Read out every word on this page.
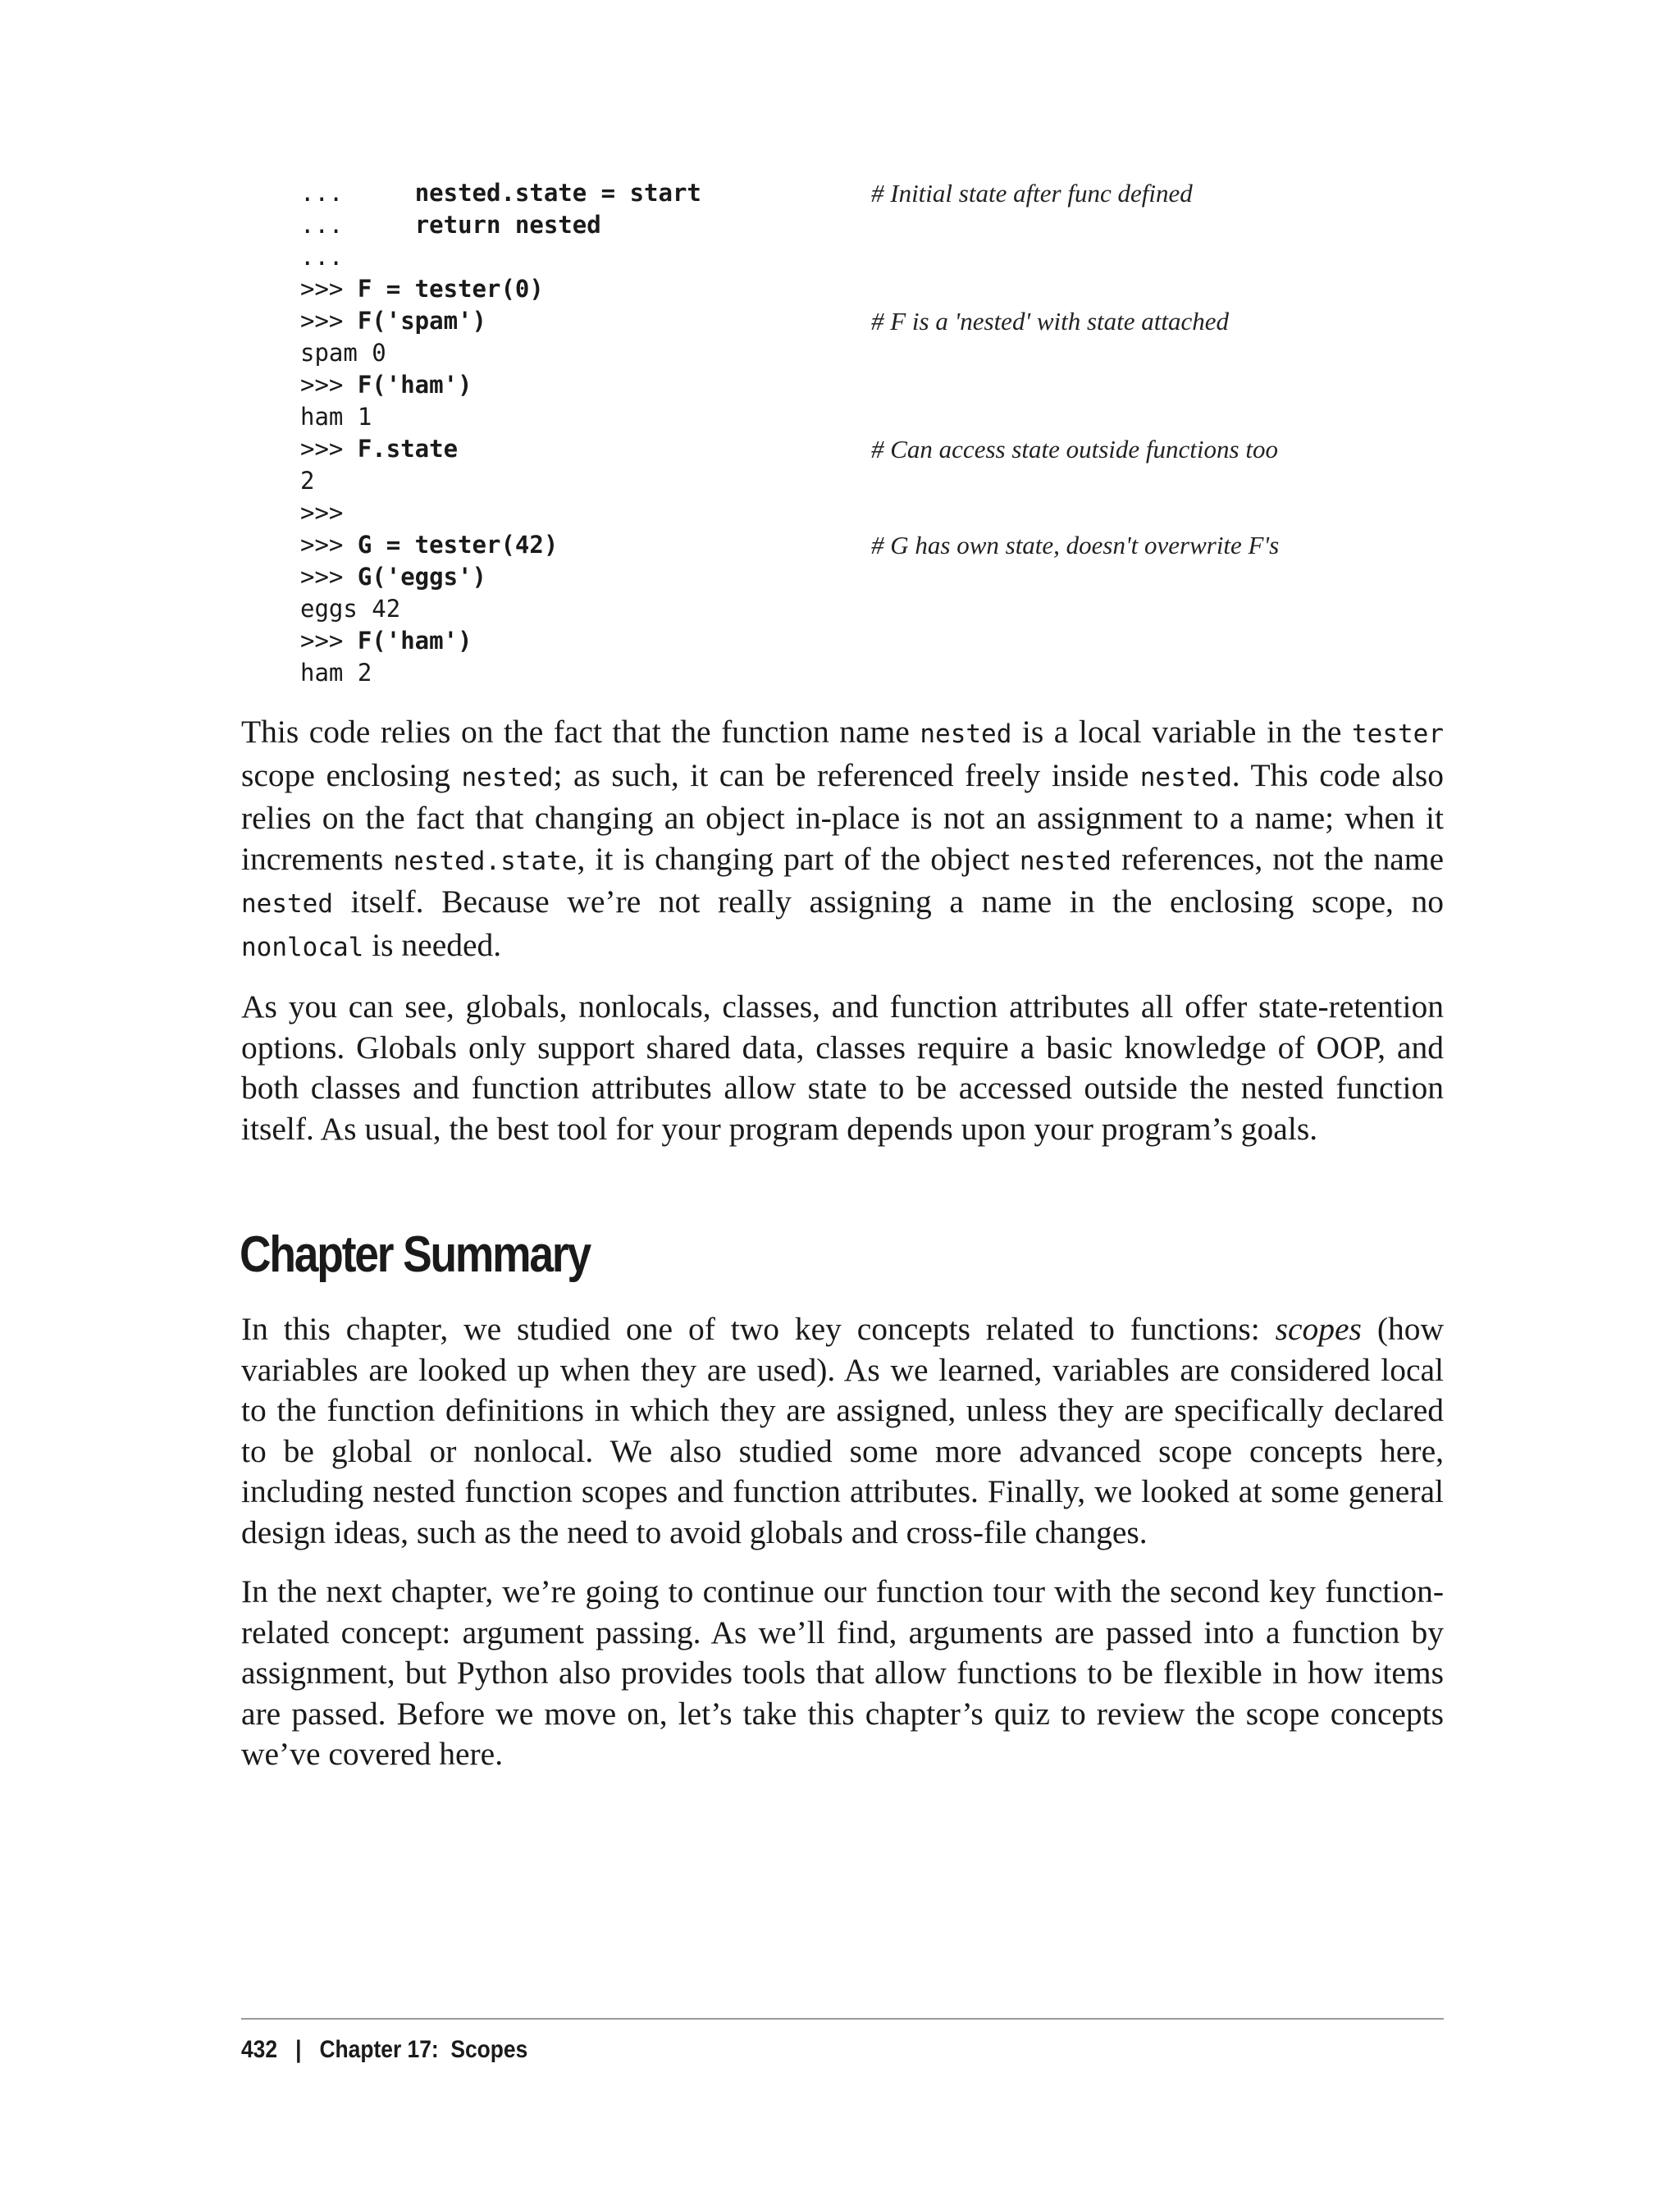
...     nested.state = start	# Initial state after func defined
...     return nested
...
>>> F = tester(0)
>>> F('spam')	# F is a 'nested' with state attached
spam 0
>>> F('ham')
ham 1
>>> F.state	# Can access state outside functions too
2
>>>
>>> G = tester(42)	# G has own state, doesn't overwrite F's
>>> G('eggs')
eggs 42
>>> F('ham')
ham 2

This code relies on the fact that the function name nested is a local variable in the tester scope enclosing nested; as such, it can be referenced freely inside nested. This code also relies on the fact that changing an object in-place is not an assignment to a name; when it increments nested.state, it is changing part of the object nested references, not the name nested itself. Because we’re not really assigning a name in the enclosing scope, no nonlocal is needed.

As you can see, globals, nonlocals, classes, and function attributes all offer state-retention options. Globals only support shared data, classes require a basic knowledge of OOP, and both classes and function attributes allow state to be accessed outside the nested function itself. As usual, the best tool for your program depends upon your program’s goals.

Chapter Summary

In this chapter, we studied one of two key concepts related to functions: scopes (how variables are looked up when they are used). As we learned, variables are considered local to the function definitions in which they are assigned, unless they are specifically declared to be global or nonlocal. We also studied some more advanced scope concepts here, including nested function scopes and function attributes. Finally, we looked at some general design ideas, such as the need to avoid globals and cross-file changes.

In the next chapter, we’re going to continue our function tour with the second key function-related concept: argument passing. As we’ll find, arguments are passed into a function by assignment, but Python also provides tools that allow functions to be flexible in how items are passed. Before we move on, let’s take this chapter’s quiz to review the scope concepts we’ve covered here.

432 | Chapter 17:  Scopes
